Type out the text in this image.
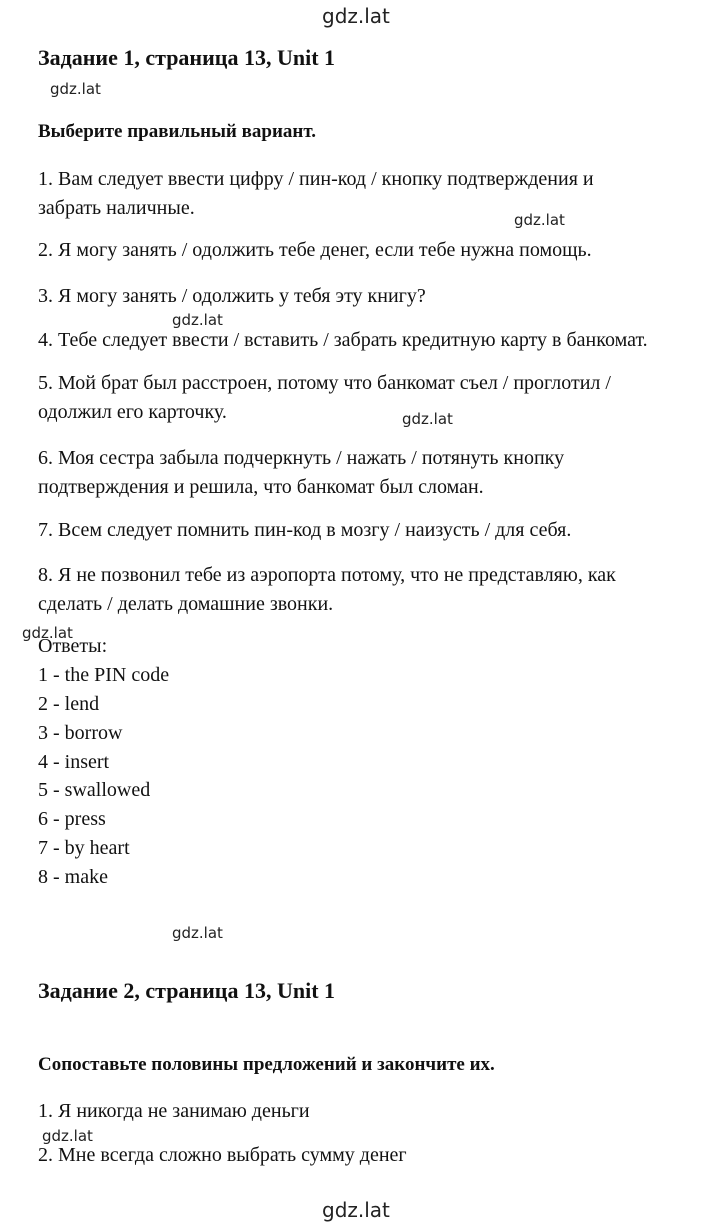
gdz.lat
gdz.lat
gdz.lat
gdz.lat
gdz.lat
gdz.lat
gdz.lat
gdz.lat
gdz.lat
Задание 1, страница 13, Unit 1
Выберите правильный вариант.
1. Вам следует ввести цифру / пин-код / кнопку подтверждения и
забрать наличные.
2. Я могу занять / одолжить тебе денег, если тебе нужна помощь.
3. Я могу занять / одолжить у тебя эту книгу?
4. Тебе следует ввести / вставить / забрать кредитную карту в банкомат.
5. Мой брат был расстроен, потому что банкомат съел / проглотил /
одолжил его карточку.
6. Моя сестра забыла подчеркнуть / нажать / потянуть кнопку
подтверждения и решила, что банкомат был сломан.
7. Всем следует помнить пин-код в мозгу / наизусть / для себя.
8. Я не позвонил тебе из аэропорта потому, что не представляю, как
сделать / делать домашние звонки.
Ответы:
1 - the PIN code
2 - lend
3 - borrow
4 - insert
5 - swallowed
6 - press
7 - by heart
8 - make
Задание 2, страница 13, Unit 1
Сопоставьте половины предложений и закончите их.
1. Я никогда не занимаю деньги
2. Мне всегда сложно выбрать сумму денег
